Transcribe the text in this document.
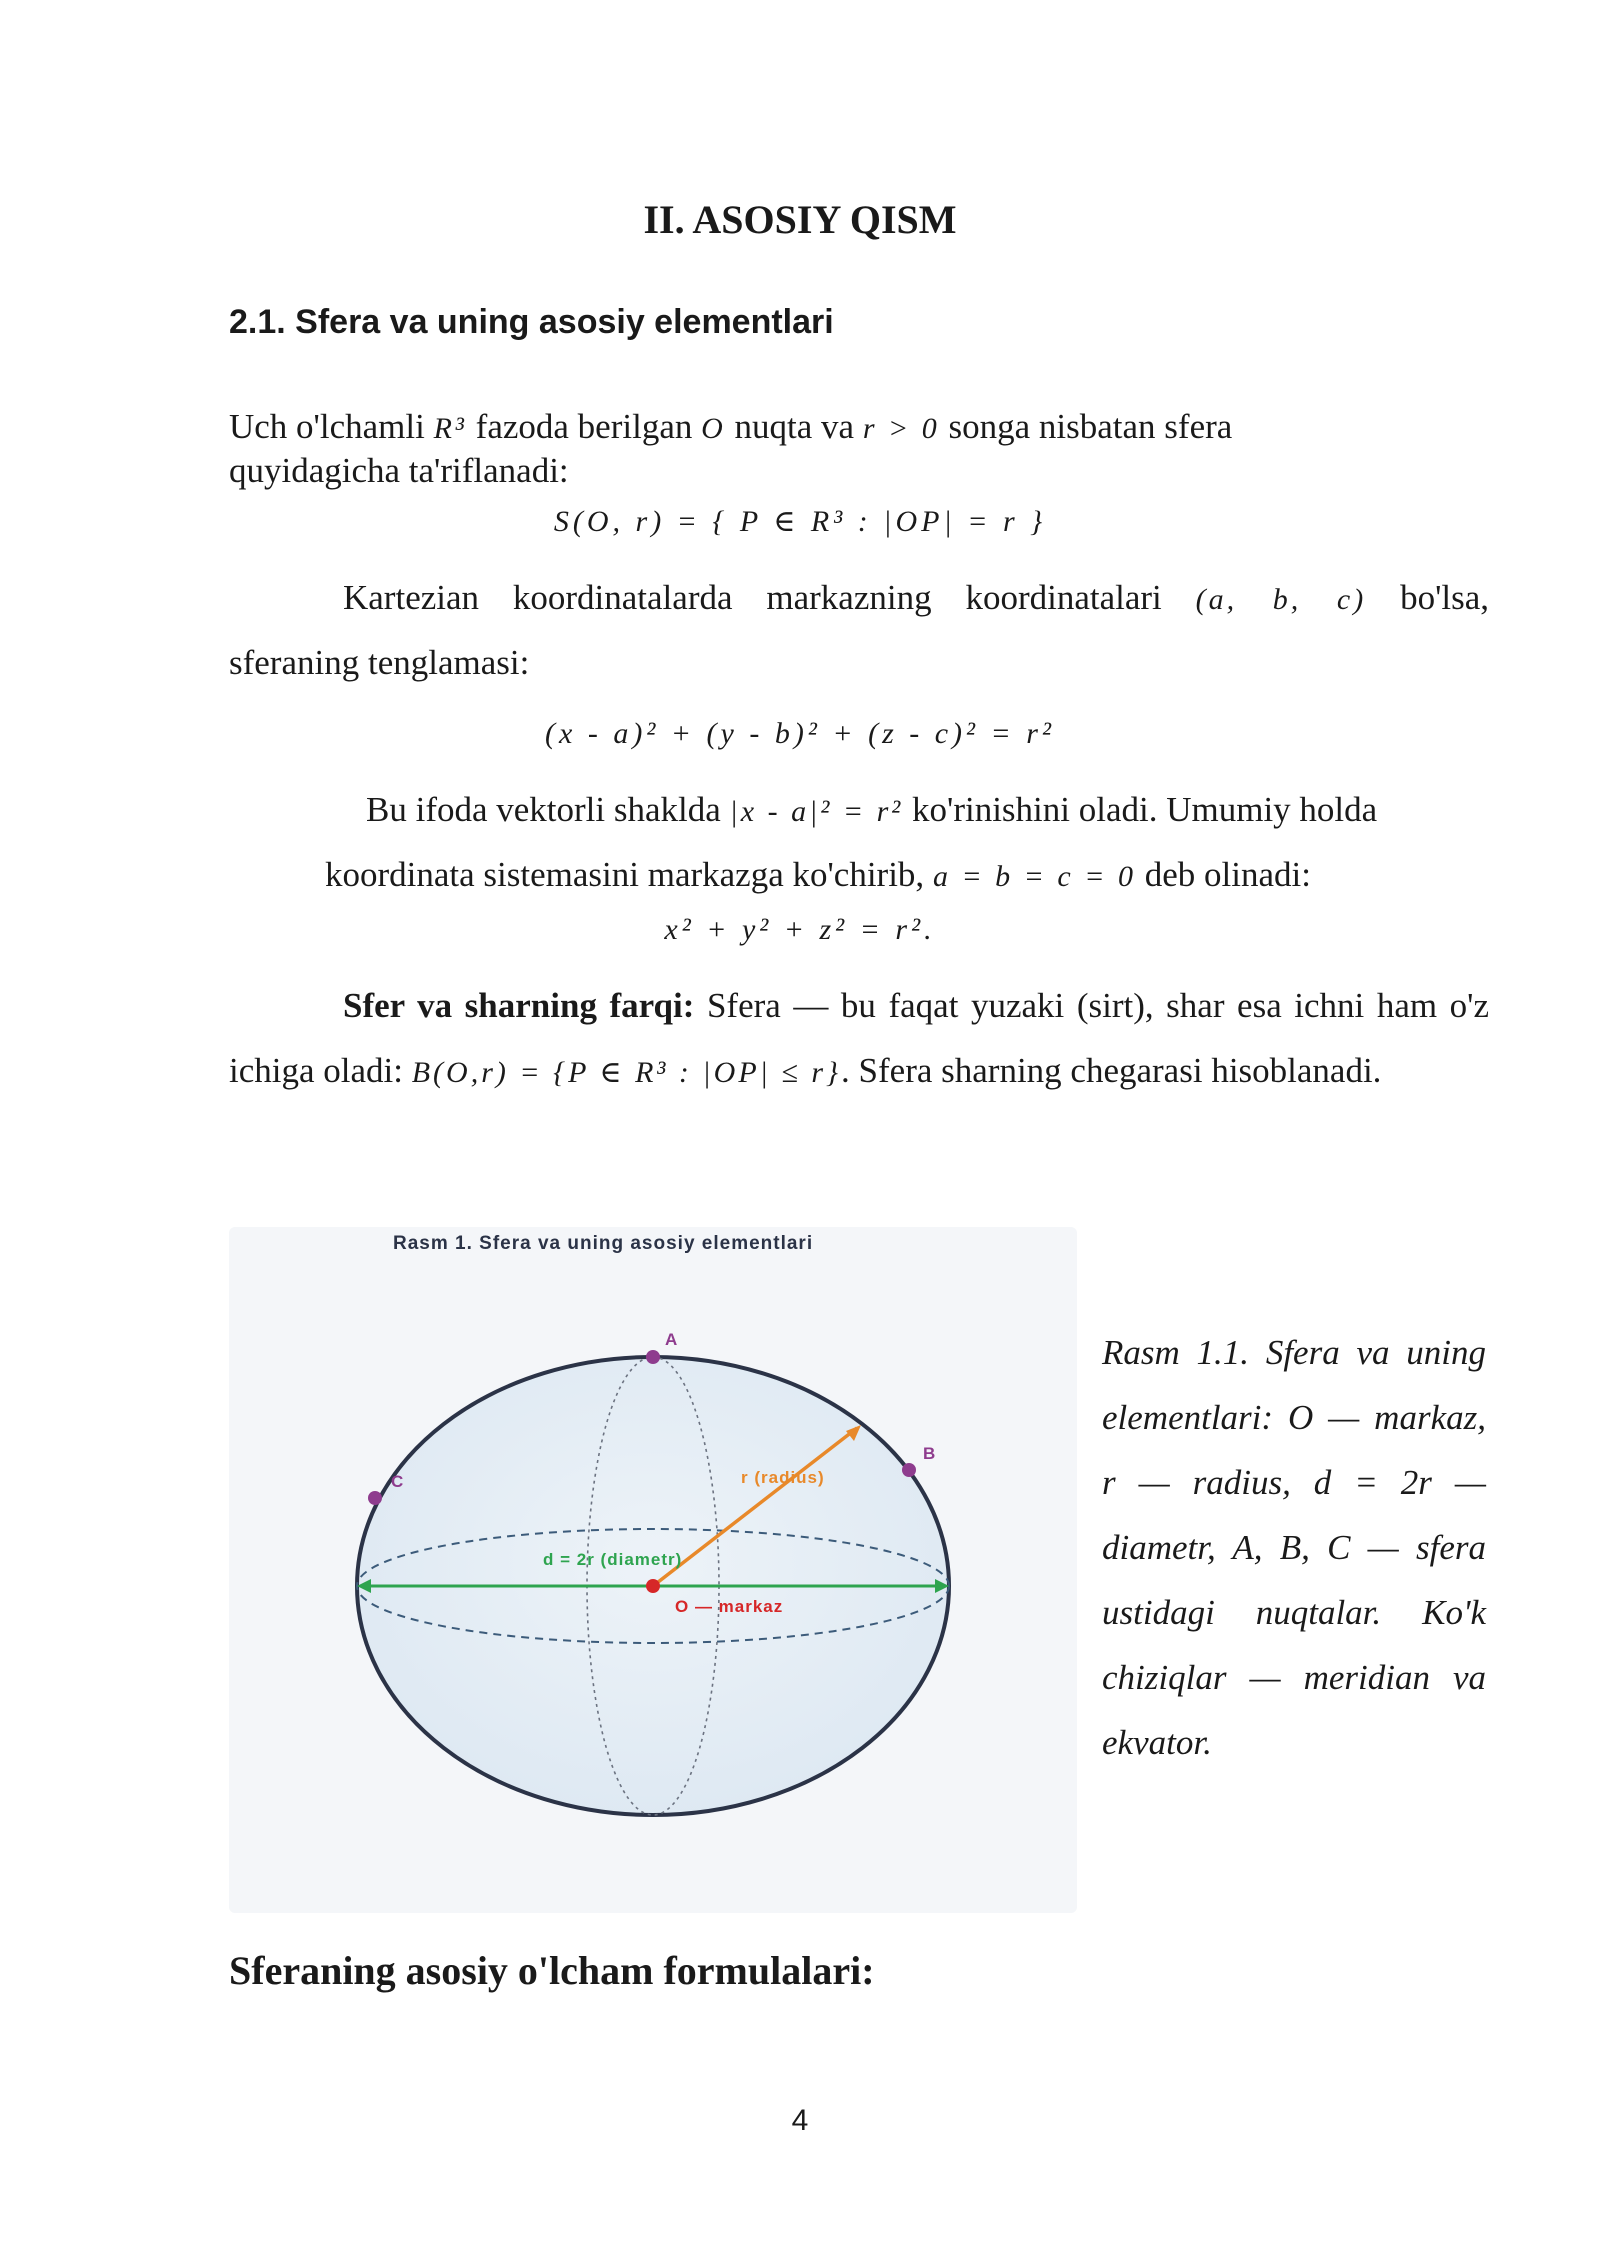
II. ASOSIY QISM
2.1. Sfera va uning asosiy elementlari
Uch o'lchamli R³ fazoda berilgan O nuqta va r > 0 songa nisbatan sfera
quyidagicha ta'riflanadi:
S(O, r) = { P ∈ R³ : |OP| = r }
Kartezian koordinatalarda markazning koordinatalari (a, b, c) bo'lsa,
sferaning tenglamasi:
(x - a)² + (y - b)² + (z - c)² = r²
Bu ifoda vektorli shaklda |x - a|² = r² ko'rinishini oladi. Umumiy holda
koordinata sistemasini markazga ko'chirib, a = b = c = 0 deb olinadi:
x² + y² + z² = r².
Sfer va sharning farqi: Sfera — bu faqat yuzaki (sirt), shar esa ichni ham o'z ichiga oladi: B(O,r) = {P ∈ R³ : |OP| ≤ r}. Sfera sharning chegarasi hisoblanadi.
Rasm 1. Sfera va uning asosiy elementlari
A
B
C	r (radius)
d = 2r (diametr)
O — markaz
Rasm 1.1. Sfera va uning elementlari: O — markaz, r — radius, d = 2r — diametr, A, B, C — sfera ustidagi nuqtalar. Ko'k chiziqlar — meridian va ekvator.
Sferaning asosiy o'lcham formulalari:
4
